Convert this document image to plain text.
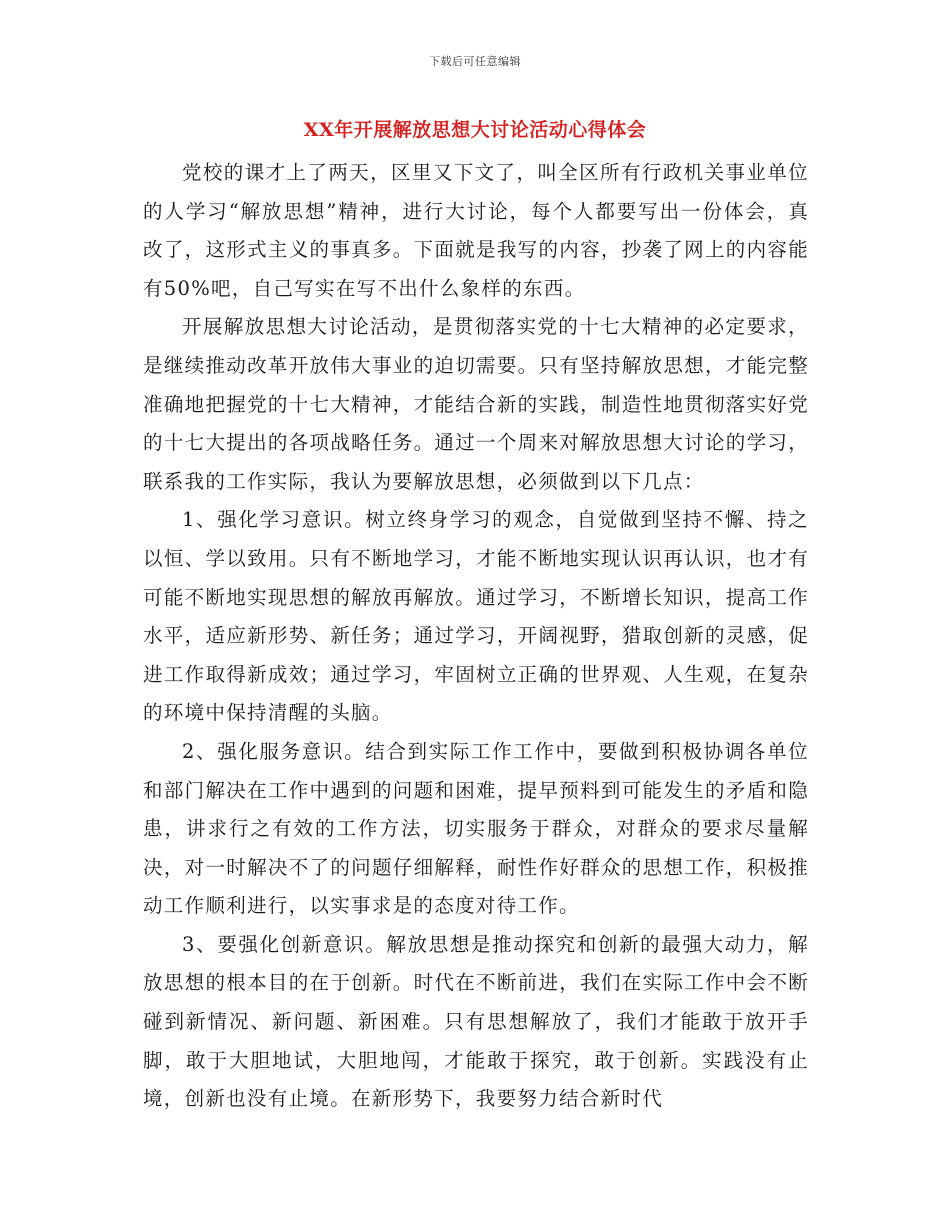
下载后可任意编辑
XX年开展解放思想大讨论活动心得体会

党校的课才上了两天，区里又下文了，叫全区所有行政机关事业单位的人学习“解放思想”精神，进行大讨论，每个人都要写出一份体会，真改了，这形式主义的事真多。下面就是我写的内容，抄袭了网上的内容能有50%吧，自己写实在写不出什么象样的东西。

开展解放思想大讨论活动，是贯彻落实党的十七大精神的必定要求，是继续推动改革开放伟大事业的迫切需要。只有坚持解放思想，才能完整准确地把握党的十七大精神，才能结合新的实践，制造性地贯彻落实好党的十七大提出的各项战略任务。通过一个周来对解放思想大讨论的学习，联系我的工作实际，我认为要解放思想，必须做到以下几点：

1、强化学习意识。树立终身学习的观念，自觉做到坚持不懈、持之以恒、学以致用。只有不断地学习，才能不断地实现认识再认识，也才有可能不断地实现思想的解放再解放。通过学习，不断增长知识，提高工作水平，适应新形势、新任务；通过学习，开阔视野，猎取创新的灵感，促进工作取得新成效；通过学习，牢固树立正确的世界观、人生观，在复杂的环境中保持清醒的头脑。

2、强化服务意识。结合到实际工作工作中，要做到积极协调各单位和部门解决在工作中遇到的问题和困难，提早预料到可能发生的矛盾和隐患，讲求行之有效的工作方法，切实服务于群众，对群众的要求尽量解决，对一时解决不了的问题仔细解释，耐性作好群众的思想工作，积极推动工作顺利进行，以实事求是的态度对待工作。

3、要强化创新意识。解放思想是推动探究和创新的最强大动力，解放思想的根本目的在于创新。时代在不断前进，我们在实际工作中会不断碰到新情况、新问题、新困难。只有思想解放了，我们才能敢于放开手脚，敢于大胆地试，大胆地闯，才能敢于探究，敢于创新。实践没有止境，创新也没有止境。在新形势下，我要努力结合新时代
